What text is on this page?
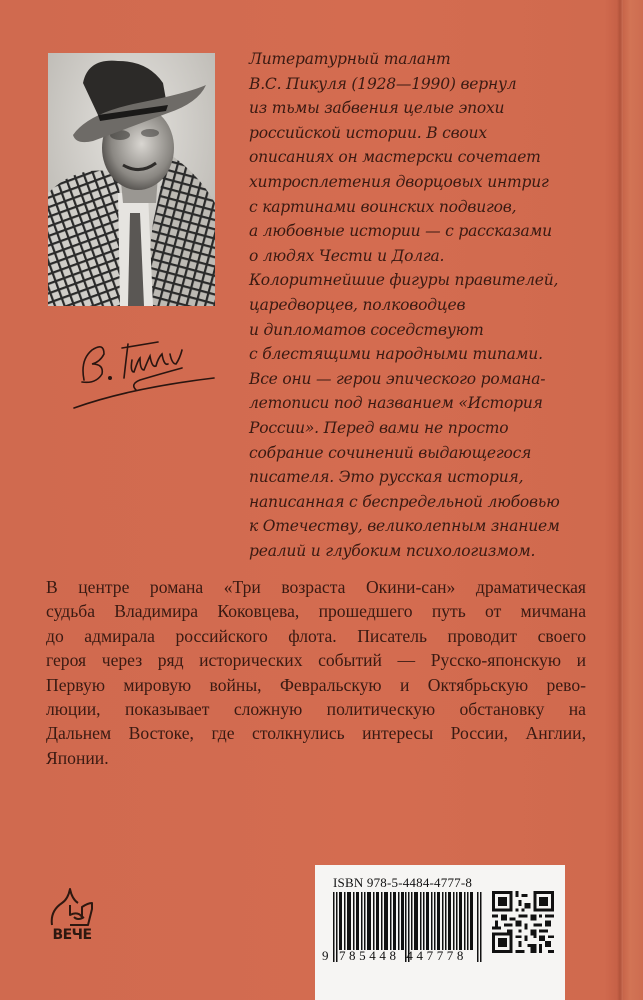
Литературный талант
В.С. Пикуля (1928—1990) вернул
из тьмы забвения целые эпохи
российской истории. В своих
описаниях он мастерски сочетает
хитросплетения дворцовых интриг
с картинами воинских подвигов,
а любовные истории — с рассказами
о людях Чести и Долга.
Колоритнейшие фигуры правителей,
царедворцев, полководцев
и дипломатов соседствуют
с блестящими народными типами.
Все они — герои эпического романа-
летописи под названием «История
России». Перед вами не просто
собрание сочинений выдающегося
писателя. Это русская история,
написанная с беспредельной любовью
к Отечеству, великолепным знанием
реалий и глубоким психологизмом.
В центре романа «Три возраста Окини-сан» драматическая
судьба Владимира Коковцева, прошедшего путь от мичмана
до адмирала российского флота. Писатель проводит своего
героя через ряд исторических событий — Русско-японскую и
Первую мировую войны, Февральскую и Октябрьскую рево-
люции, показывает сложную политическую обстановку на
Дальнем Востоке, где столкнулись интересы России, Англии,
Японии.
ВЕЧЕ
ISBN 978-5-4484-4777-8
9 785448 447778
